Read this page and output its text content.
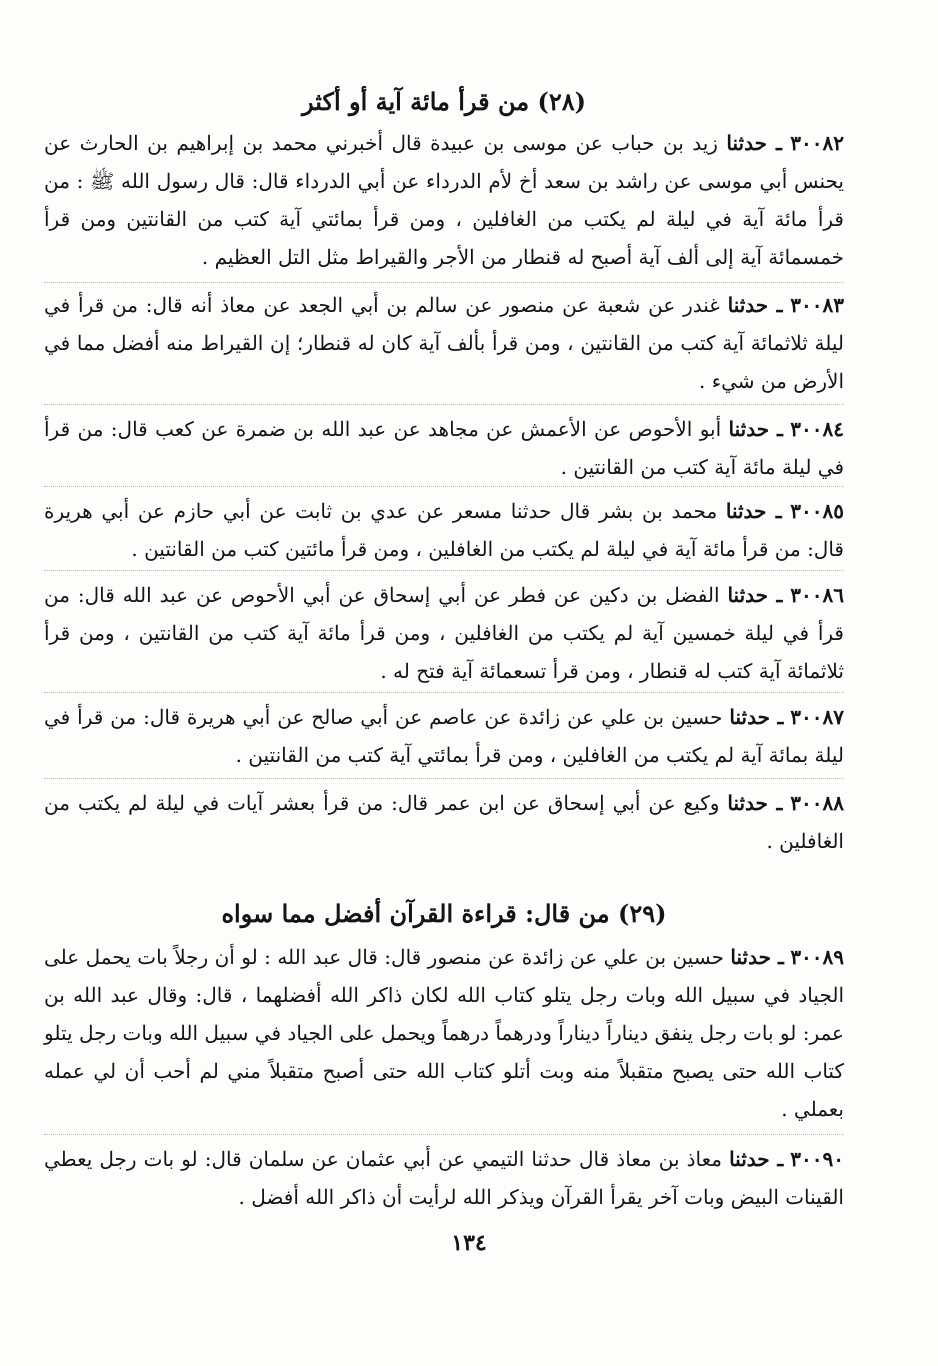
(٢٨) من قرأ مائة آية أو أكثر
٣٠٠٨٢ ـ حدثنا زيد بن حباب عن موسى بن عبيدة قال أخبرني محمد بن إبراهيم بن الحارث عن يحنس أبي موسى عن راشد بن سعد أخ لأم الدرداء عن أبي الدرداء قال: قال رسول الله ﷺ : من قرأ مائة آية في ليلة لم يكتب من الغافلين ، ومن قرأ بمائتي آية كتب من القانتين ومن قرأ خمسمائة آية إلى ألف آية أصبح له قنطار من الأجر والقيراط مثل التل العظيم .
٣٠٠٨٣ ـ حدثنا غندر عن شعبة عن منصور عن سالم بن أبي الجعد عن معاذ أنه قال: من قرأ في ليلة ثلاثمائة آية كتب من القانتين ، ومن قرأ بألف آية كان له قنطار؛ إن القيراط منه أفضل مما في الأرض من شيء .
٣٠٠٨٤ ـ حدثنا أبو الأحوص عن الأعمش عن مجاهد عن عبد الله بن ضمرة عن كعب قال: من قرأ في ليلة مائة آية كتب من القانتين .
٣٠٠٨٥ ـ حدثنا محمد بن بشر قال حدثنا مسعر عن عدي بن ثابت عن أبي حازم عن أبي هريرة قال: من قرأ مائة آية في ليلة لم يكتب من الغافلين ، ومن قرأ مائتين كتب من القانتين .
٣٠٠٨٦ ـ حدثنا الفضل بن دكين عن فطر عن أبي إسحاق عن أبي الأحوص عن عبد الله قال: من قرأ في ليلة خمسين آية لم يكتب من الغافلين ، ومن قرأ مائة آية كتب من القانتين ، ومن قرأ ثلاثمائة آية كتب له قنطار ، ومن قرأ تسعمائة آية فتح له .
٣٠٠٨٧ ـ حدثنا حسين بن علي عن زائدة عن عاصم عن أبي صالح عن أبي هريرة قال: من قرأ في ليلة بمائة آية لم يكتب من الغافلين ، ومن قرأ بمائتي آية كتب من القانتين .
٣٠٠٨٨ ـ حدثنا وكيع عن أبي إسحاق عن ابن عمر قال: من قرأ بعشر آيات في ليلة لم يكتب من الغافلين .
(٢٩) من قال: قراءة القرآن أفضل مما سواه
٣٠٠٨٩ ـ حدثنا حسين بن علي عن زائدة عن منصور قال: قال عبد الله : لو أن رجلاً بات يحمل على الجياد في سبيل الله وبات رجل يتلو كتاب الله لكان ذاكر الله أفضلهما ، قال: وقال عبد الله بن عمر: لو بات رجل ينفق ديناراً ديناراً ودرهماً درهماً ويحمل على الجياد في سبيل الله وبات رجل يتلو كتاب الله حتى يصبح متقبلاً منه وبت أتلو كتاب الله حتى أصبح متقبلاً مني لم أحب أن لي عمله بعملي .
٣٠٠٩٠ ـ حدثنا معاذ بن معاذ قال حدثنا التيمي عن أبي عثمان عن سلمان قال: لو بات رجل يعطي القينات البيض وبات آخر يقرأ القرآن ويذكر الله لرأيت أن ذاكر الله أفضل .
١٣٤
